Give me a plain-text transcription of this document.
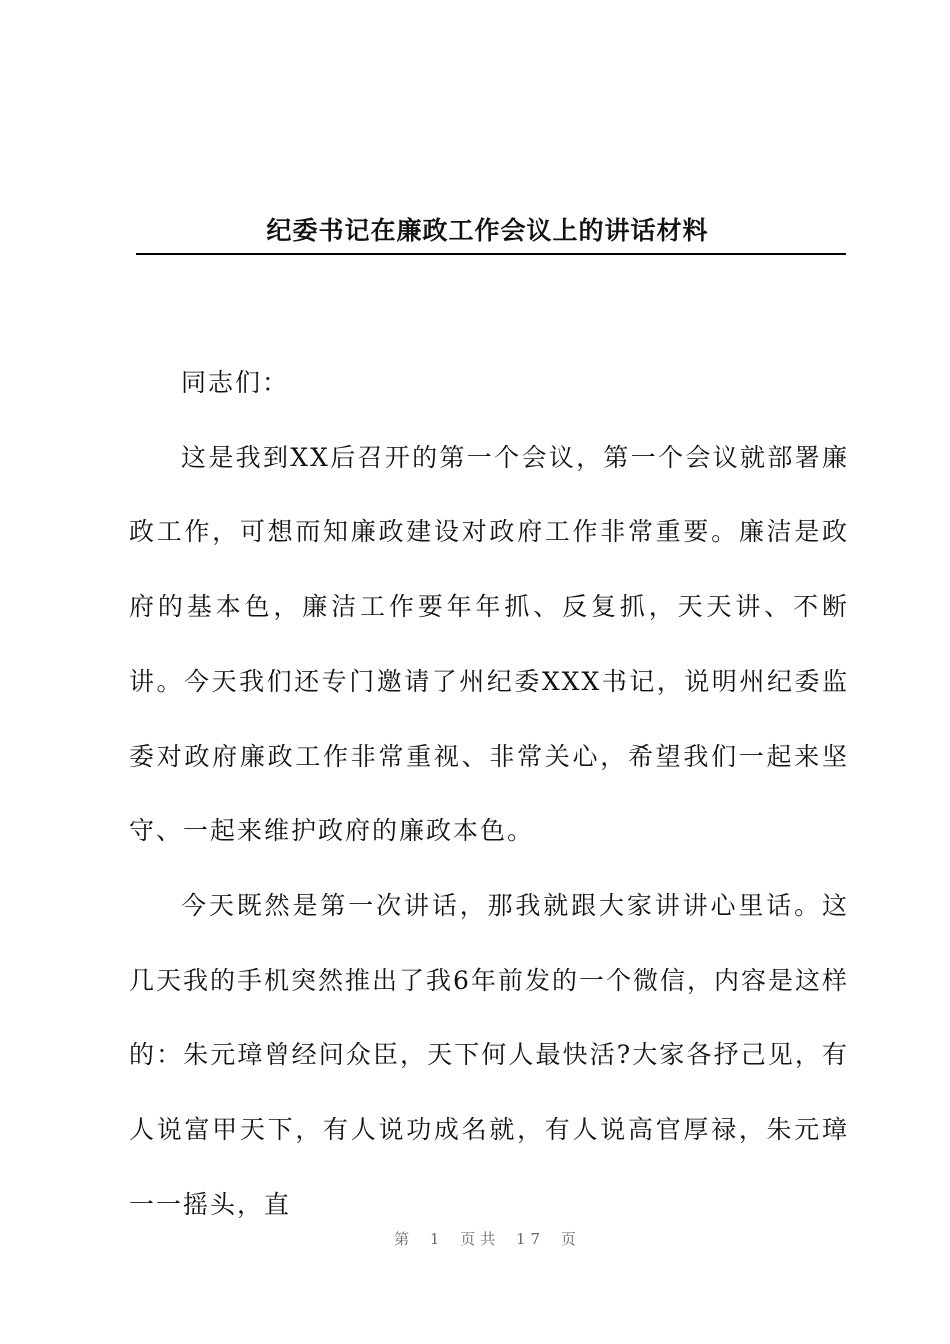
纪委书记在廉政工作会议上的讲话材料

同志们：

这是我到XX后召开的第一个会议，第一个会议就部署廉政工作，可想而知廉政建设对政府工作非常重要。廉洁是政府的基本色，廉洁工作要年年抓、反复抓，天天讲、不断讲。今天我们还专门邀请了州纪委XXX书记，说明州纪委监委对政府廉政工作非常重视、非常关心，希望我们一起来坚守、一起来维护政府的廉政本色。

今天既然是第一次讲话，那我就跟大家讲讲心里话。这几天我的手机突然推出了我6年前发的一个微信，内容是这样的：朱元璋曾经问众臣，天下何人最快活?大家各抒己见，有人说富甲天下，有人说功成名就，有人说高官厚禄，朱元璋一一摇头，直

第 1 页共 17 页
